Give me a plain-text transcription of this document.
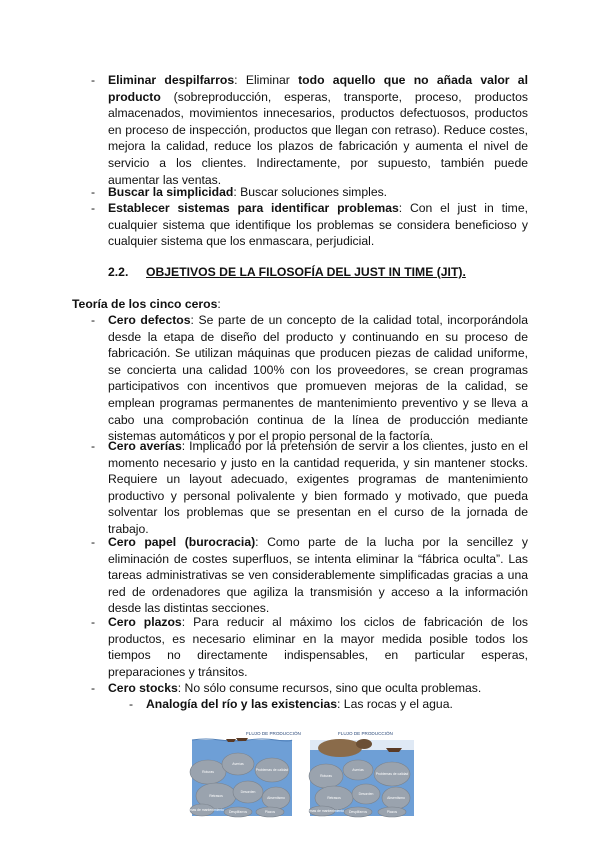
- Eliminar despilfarros: Eliminar todo aquello que no añada valor al producto (sobreproducción, esperas, transporte, proceso, productos almacenados, movimientos innecesarios, productos defectuosos, productos en proceso de inspección, productos que llegan con retraso). Reduce costes, mejora la calidad, reduce los plazos de fabricación y aumenta el nivel de servicio a los clientes. Indirectamente, por supuesto, también puede aumentar las ventas.
- Buscar la simplicidad: Buscar soluciones simples.
- Establecer sistemas para identificar problemas: Con el just in time, cualquier sistema que identifique los problemas se considera beneficioso y cualquier sistema que los enmascara, perjudicial.
2.2. OBJETIVOS DE LA FILOSOFÍA DEL JUST IN TIME (JIT).
Teoría de los cinco ceros:
- Cero defectos: Se parte de un concepto de la calidad total, incorporándola desde la etapa de diseño del producto y continuando en su proceso de fabricación. Se utilizan máquinas que producen piezas de calidad uniforme, se concierta una calidad 100% con los proveedores, se crean programas participativos con incentivos que promueven mejoras de la calidad, se emplean programas permanentes de mantenimiento preventivo y se lleva a cabo una comprobación continua de la línea de producción mediante sistemas automáticos y por el propio personal de la factoría.
- Cero averías: Implicado por la pretensión de servir a los clientes, justo en el momento necesario y justo en la cantidad requerida, y sin mantener stocks. Requiere un layout adecuado, exigentes programas de mantenimiento productivo y personal polivalente y bien formado y motivado, que pueda solventar los problemas que se presentan en el curso de la jornada de trabajo.
- Cero papel (burocracia): Como parte de la lucha por la sencillez y eliminación de costes superfluos, se intenta eliminar la “fábrica oculta”. Las tareas administrativas se ven considerablemente simplificadas gracias a una red de ordenadores que agiliza la transmisión y acceso a la información desde las distintas secciones.
- Cero plazos: Para reducir al máximo los ciclos de fabricación de los productos, es necesario eliminar en la mayor medida posible todos los tiempos no directamente indispensables, en particular esperas, preparaciones y tránsitos.
- Cero stocks: No sólo consume recursos, sino que oculta problemas.
- Analogía del río y las existencias: Las rocas y el agua.
FLUJO DE PRODUCCIÓN
Roturas
Averías
Problemas de calidad
Retrasos
Desorden
Absentismo
Problemas de mantenimiento Despilfarros	Plazos
FLUJO DE PRODUCCIÓN
Roturas
Averías
Problemas de calidad
Retrasos
Desorden
Absentismo
Problemas de mantenimiento Despilfarros	Plazos
